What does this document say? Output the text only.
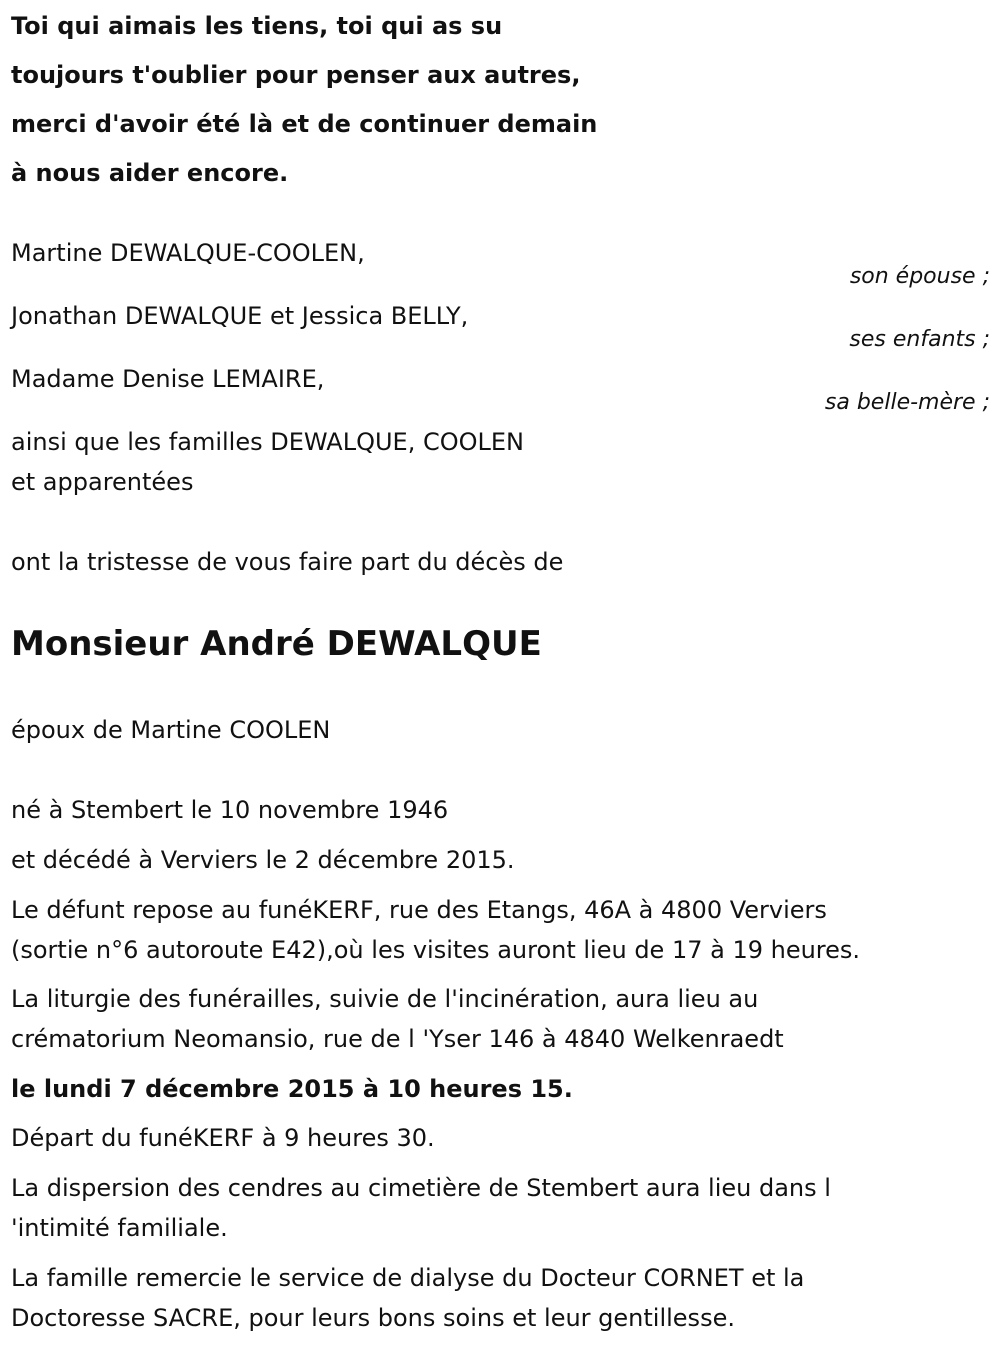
Toi qui aimais les tiens, toi qui as su
toujours t'oublier pour penser aux autres,
merci d'avoir été là et de continuer demain
à nous aider encore.
Martine DEWALQUE-COOLEN,
son épouse ;
Jonathan DEWALQUE et Jessica BELLY,
ses enfants ;
Madame Denise LEMAIRE,
sa belle-mère ;
ainsi que les familles DEWALQUE, COOLEN
et apparentées
ont la tristesse de vous faire part du décès de
Monsieur André DEWALQUE
époux de Martine COOLEN
né à Stembert le 10 novembre 1946
et décédé à Verviers le 2 décembre 2015.
Le défunt repose au funéKERF, rue des Etangs, 46A à 4800 Verviers
(sortie n°6 autoroute E42),où les visites auront lieu de 17 à 19 heures.
La liturgie des funérailles, suivie de l'incinération, aura lieu au
crématorium Neomansio, rue de l 'Yser 146 à 4840 Welkenraedt
le lundi 7 décembre 2015 à 10 heures 15.
Départ du funéKERF à 9 heures 30.
La dispersion des cendres au cimetière de Stembert aura lieu dans l
'intimité familiale.
La famille remercie le service de dialyse du Docteur CORNET et la
Doctoresse SACRE, pour leurs bons soins et leur gentillesse.
